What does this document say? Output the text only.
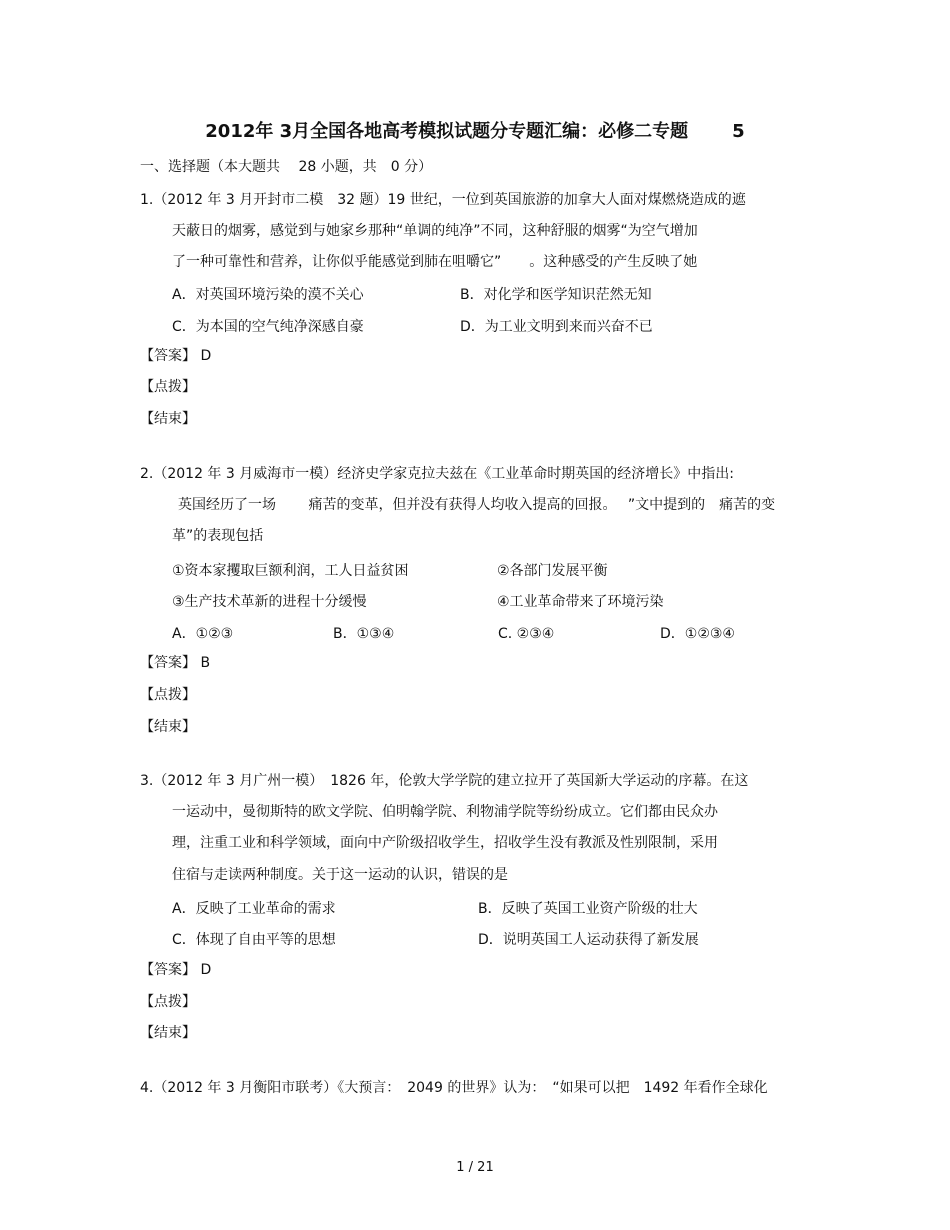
2012年 3月全国各地高考模拟试题分专题汇编：必修二专题 5
一、选择题（本大题共　 28 小题，共　0 分）
1.（2012 年 3 月开封市二模　32 题）19 世纪，一位到英国旅游的加拿大人面对煤燃烧造成的遮
天蔽日的烟雾，感觉到与她家乡那种“单调的纯净”不同，这种舒服的烟雾“为空气增加
了一种可靠性和营养，让你似乎能感觉到肺在咀嚼它”　　。这种感受的产生反映了她
A．对英国环境污染的漠不关心	B．对化学和医学知识茫然无知
C．为本国的空气纯净深感自豪	D．为工业文明到来而兴奋不已
【答案】 D
【点拨】
【结束】
2.（2012 年 3 月威海市一模）经济史学家克拉夫兹在《工业革命时期英国的经济增长》中指出:
英国经历了一场　　 痛苦的变革，但并没有获得人均收入提高的回报。　 ”文中提到的　痛苦的变
革”的表现包括
①资本家攫取巨额利润，工人日益贫困	②各部门发展平衡
③生产技术革新的进程十分缓慢	④工业革命带来了环境污染
A．①②③	B．①③④	C. ②③④	D．①②③④
【答案】 B
【点拨】
【结束】
3.（2012 年 3 月广州一模）　1826 年，伦敦大学学院的建立拉开了英国新大学运动的序幕。在这
一运动中，曼彻斯特的欧文学院、伯明翰学院、利物浦学院等纷纷成立。它们都由民众办
理，注重工业和科学领域，面向中产阶级招收学生，招收学生没有教派及性别限制，采用
住宿与走读两种制度。关于这一运动的认识，错误的是
A．反映了工业革命的需求	B．反映了英国工业资产阶级的壮大
C．体现了自由平等的思想	D．说明英国工人运动获得了新发展
【答案】 D
【点拨】
【结束】
4.（2012 年 3 月衡阳市联考）《大预言：　2049 的世界》认为：　“如果可以把　1492 年看作全球化
1 / 21
